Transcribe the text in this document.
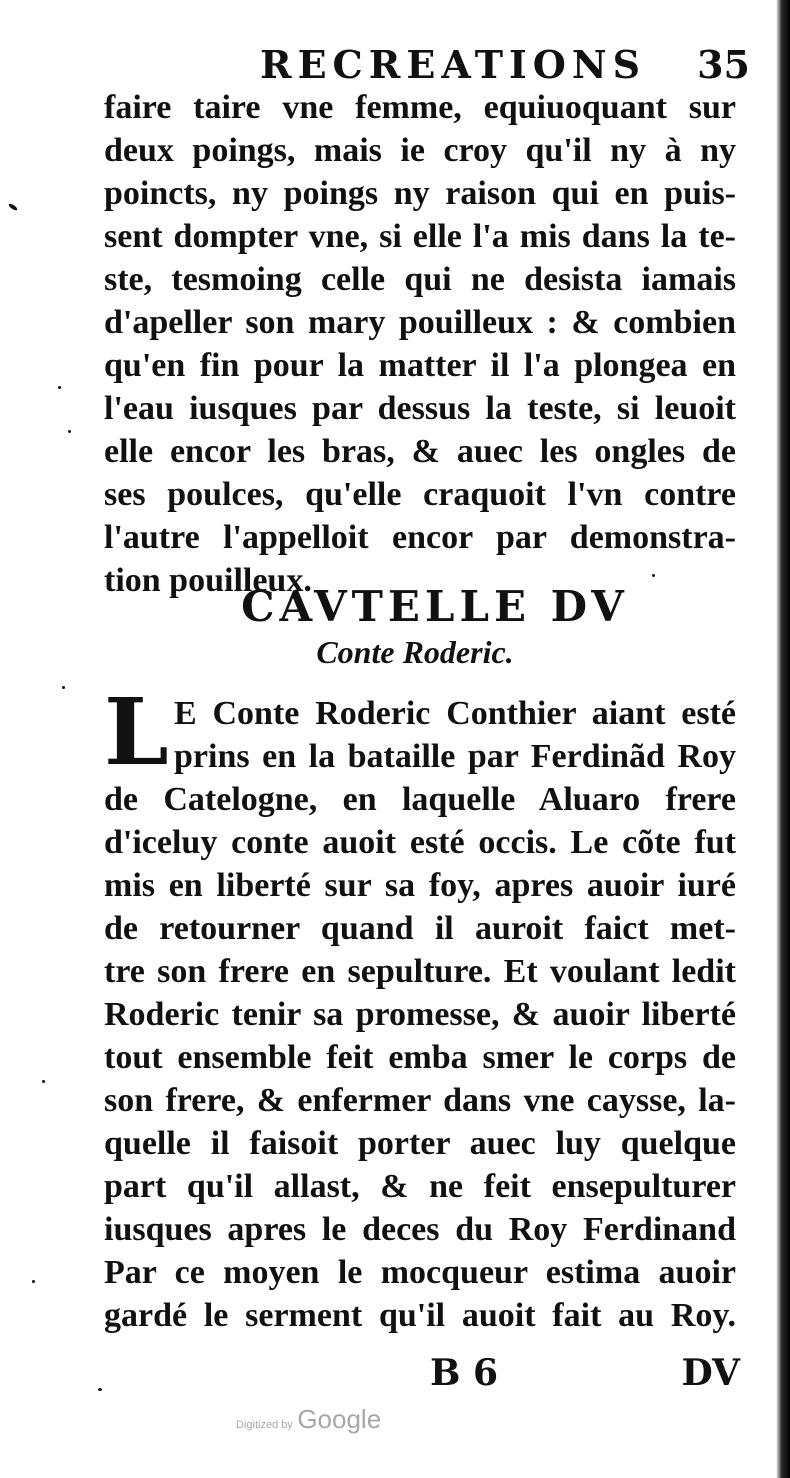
RECREATIONS 35
faire taire vne femme, equiuoquant sur
deux poings, mais ie croy qu'il ny à ny
poincts, ny poings ny raison qui en puis-
sent dompter vne, si elle l'a mis dans la te-
ste, tesmoing celle qui ne desista iamais
d'apeller son mary pouilleux : & combien
qu'en fin pour la matter il l'a plongea en
l'eau iusques par dessus la teste, si leuoit
elle encor les bras, & auec les ongles de
ses poulces, qu'elle craquoit l'vn contre
l'autre l'appelloit encor par demonstra-
tion pouilleux.
CAVTELLE DV
Conte Roderic.
L E Conte Roderic Conthier aiant esté
prins en la bataille par Ferdinãd Roy
de Catelogne, en laquelle Aluaro frere
d'iceluy conte auoit esté occis. Le cõte fut
mis en liberté sur sa foy, apres auoir iuré
de retourner quand il auroit faict met-
tre son frere en sepulture. Et voulant ledit
Roderic tenir sa promesse, & auoir liberté
tout ensemble feit emba smer le corps de
son frere, & enfermer dans vne caysse, la-
quelle il faisoit porter auec luy quelque
part qu'il allast, & ne feit ensepulturer
iusques apres le deces du Roy Ferdinand
Par ce moyen le mocqueur estima auoir
gardé le serment qu'il auoit fait au Roy.
B 6	DV
Digitized by Google
